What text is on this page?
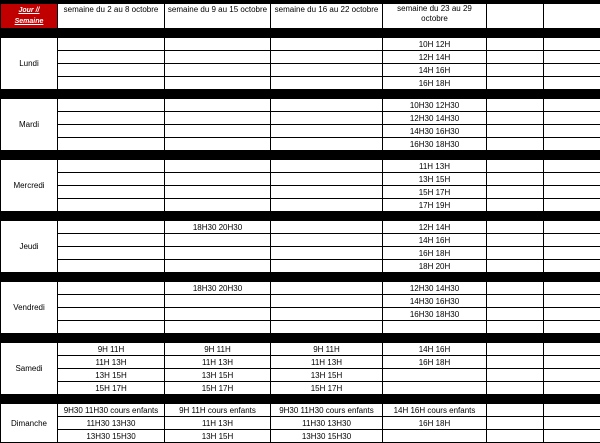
Jour //
Semaine	semaine du 2 au 8 octobre	semaine du 9 au 15 octobre	semaine du 16 au 22 octobre	semaine du 23 au 29 octobre		

Lundi				10H 12H		
				12H 14H		
				14H 16H		
				16H 18H		

Mardi				10H30 12H30		
				12H30 14H30		
				14H30 16H30		
				16H30 18H30		

Mercredi				11H 13H		
				13H 15H		
				15H 17H		
				17H 19H		

Jeudi		18H30 20H30		12H 14H		
				14H 16H		
				16H 18H		
				18H 20H		

Vendredi		18H30 20H30		12H30 14H30		
				14H30 16H30		
				16H30 18H30		

Samedi	9H 11H	9H 11H	9H 11H	14H 16H		
	11H 13H	11H 13H	11H 13H	16H 18H		
	13H 15H	13H 15H	13H 15H			
	15H 17H	15H 17H	15H 17H			

Dimanche	9H30 11H30 cours enfants	9H 11H cours enfants	9H30 11H30 cours enfants	14H 16H cours enfants		
	11H30 13H30	11H 13H	11H30 13H30	16H 18H		
	13H30 15H30	13H 15H	13H30 15H30			
